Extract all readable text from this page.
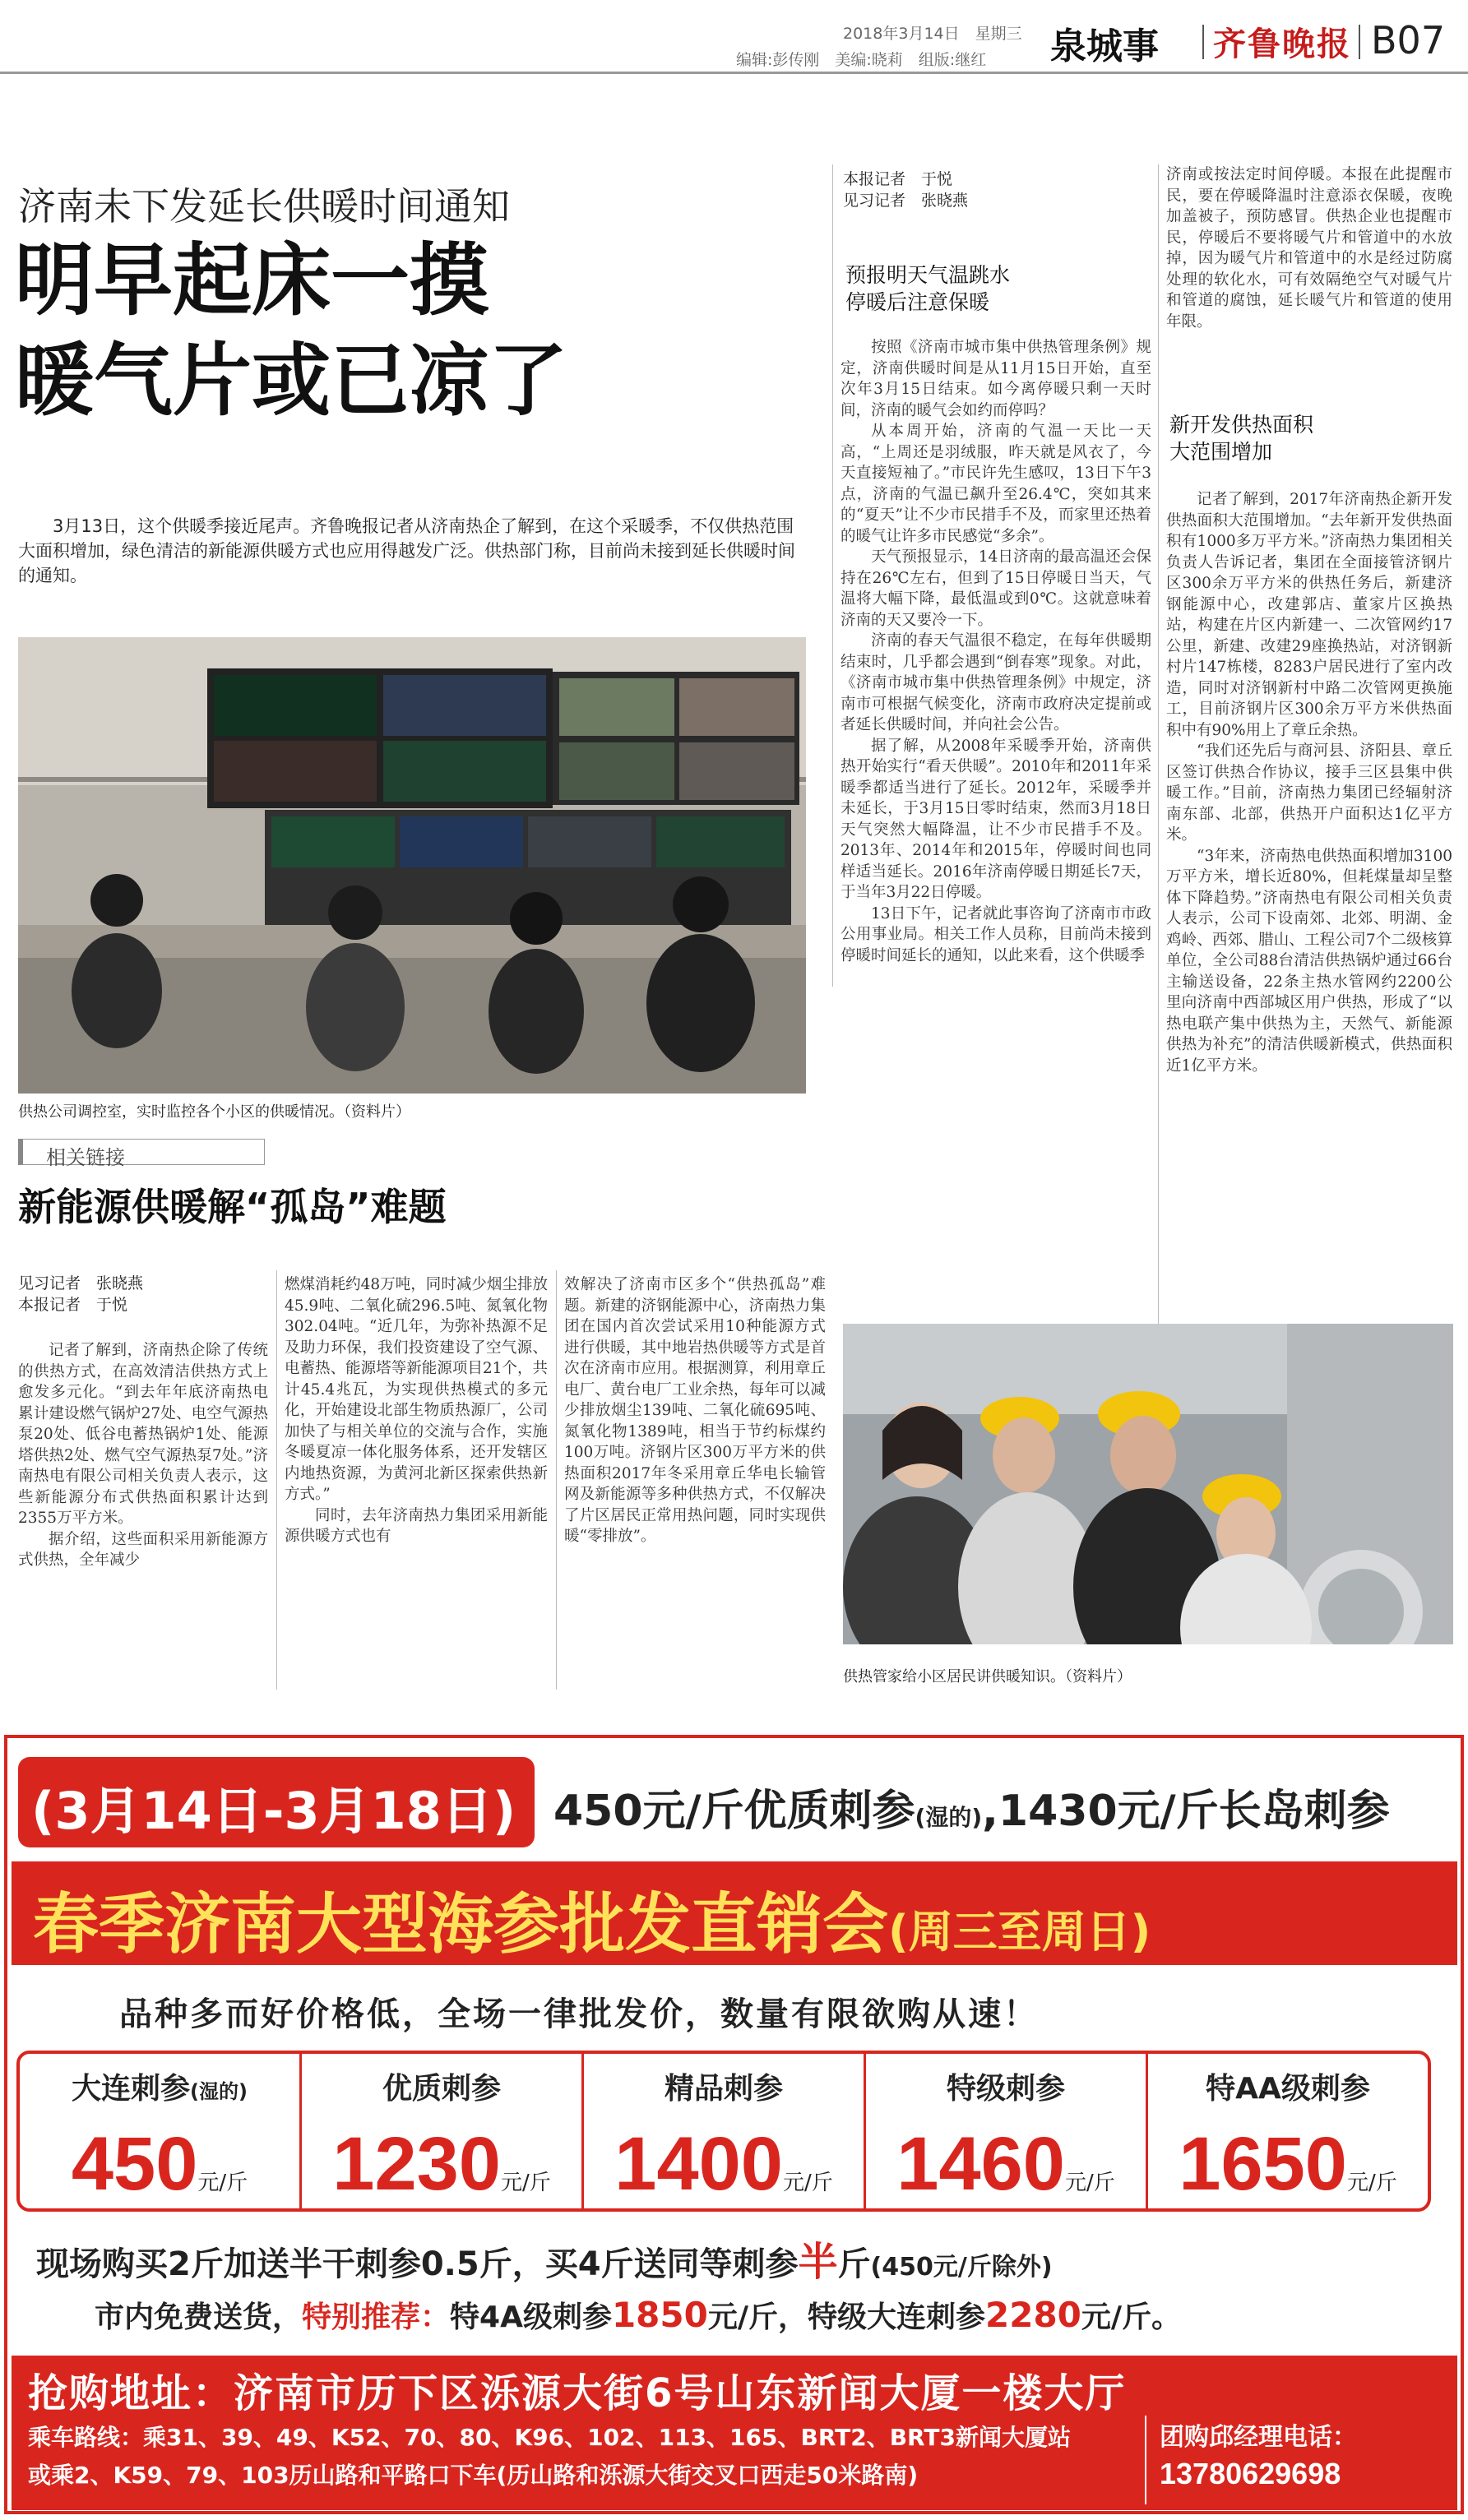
2018年3月14日　星期三
编辑:彭传刚　美编:晓莉　组版:继红 泉城事 齐鲁晚报 B07
济南未下发延长供暖时间通知
明早起床一摸
暖气片或已凉了
3月13日，这个供暖季接近尾声。齐鲁晚报记者从济南热企了解到，在这个采暖季，不仅供热范围大面积增加，绿色清洁的新能源供暖方式也应用得越发广泛。供热部门称，目前尚未接到延长供暖时间的通知。
供热公司调控室，实时监控各个小区的供暖情况。（资料片）
本报记者　于悦
见习记者　张晓燕
预报明天气温跳水
停暖后注意保暖

按照《济南市城市集中供热管理条例》规定，济南供暖时间是从11月15日开始，直至次年3月15日结束。如今离停暖只剩一天时间，济南的暖气会如约而停吗？

从本周开始，济南的气温一天比一天高，“上周还是羽绒服，昨天就是风衣了，今天直接短袖了。”市民许先生感叹，13日下午3点，济南的气温已飙升至26.4℃，突如其来的“夏天”让不少市民措手不及，而家里还热着的暖气让许多市民感觉“多余”。

天气预报显示，14日济南的最高温还会保持在26℃左右，但到了15日停暖日当天，气温将大幅下降，最低温或到0℃。这就意味着济南的天又要冷一下。

济南的春天气温很不稳定，在每年供暖期结束时，几乎都会遇到“倒春寒”现象。对此，《济南市城市集中供热管理条例》中规定，济南市可根据气候变化，济南市政府决定提前或者延长供暖时间，并向社会公告。

据了解，从2008年采暖季开始，济南供热开始实行“看天供暖”。2010年和2011年采暖季都适当进行了延长。2012年，采暖季并未延长，于3月15日零时结束，然而3月18日天气突然大幅降温，让不少市民措手不及。2013年、2014年和2015年，停暖时间也同样适当延长。2016年济南停暖日期延长7天，于当年3月22日停暖。

13日下午，记者就此事咨询了济南市市政公用事业局。相关工作人员称，目前尚未接到停暖时间延长的通知，以此来看，这个供暖季

济南或按法定时间停暖。本报在此提醒市民，要在停暖降温时注意添衣保暖，夜晚加盖被子，预防感冒。供热企业也提醒市民，停暖后不要将暖气片和管道中的水放掉，因为暖气片和管道中的水是经过防腐处理的软化水，可有效隔绝空气对暖气片和管道的腐蚀，延长暖气片和管道的使用年限。

新开发供热面积
大范围增加

记者了解到，2017年济南热企新开发供热面积大范围增加。“去年新开发供热面积有1000多万平方米。”济南热力集团相关负责人告诉记者，集团在全面接管济钢片区300余万平方米的供热任务后，新建济钢能源中心，改建郭店、董家片区换热站，构建在片区内新建一、二次管网约17公里，新建、改建29座换热站，对济钢新村片147栋楼，8283户居民进行了室内改造，同时对济钢新村中路二次管网更换施工，目前济钢片区300余万平方米供热面积中有90%用上了章丘余热。

“我们还先后与商河县、济阳县、章丘区签订供热合作协议，接手三区县集中供暖工作。”目前，济南热力集团已经辐射济南东部、北部，供热开户面积达1亿平方米。

“3年来，济南热电供热面积增加3100万平方米，增长近80%，但耗煤量却呈整体下降趋势。”济南热电有限公司相关负责人表示，公司下设南郊、北郊、明湖、金鸡岭、西郊、腊山、工程公司7个二级核算单位，全公司88台清洁供热锅炉通过66台主输送设备，22条主热水管网约2200公里向济南中西部城区用户供热，形成了“以热电联产集中供热为主，天然气、新能源供热为补充”的清洁供暖新模式，供热面积近1亿平方米。

供热管家给小区居民讲供暖知识。（资料片）
相关链接
新能源供暖解“孤岛”难题
见习记者　张晓燕
本报记者　于悦

记者了解到，济南热企除了传统的供热方式，在高效清洁供热方式上愈发多元化。“到去年年底济南热电累计建设燃气锅炉27处、电空气源热泵20处、低谷电蓄热锅炉1处、能源塔供热2处、燃气空气源热泵7处。”济南热电有限公司相关负责人表示，这些新能源分布式供热面积累计达到2355万平方米。

据介绍，这些面积采用新能源方式供热，全年减少

燃煤消耗约48万吨，同时减少烟尘排放45.9吨、二氧化硫296.5吨、氮氧化物302.04吨。“近几年，为弥补热源不足及助力环保，我们投资建设了空气源、电蓄热、能源塔等新能源项目21个，共计45.4兆瓦，为实现供热模式的多元化，开始建设北部生物质热源厂，公司加快了与相关单位的交流与合作，实施冬暖夏凉一体化服务体系，还开发辖区内地热资源，为黄河北新区探索供热新方式。”

同时，去年济南热力集团采用新能源供暖方式也有

效解决了济南市区多个“供热孤岛”难题。新建的济钢能源中心，济南热力集团在国内首次尝试采用10种能源方式进行供暖，其中地岩热供暖等方式是首次在济南市应用。根据测算，利用章丘电厂、黄台电厂工业余热，每年可以减少排放烟尘139吨、二氧化硫695吨、氮氧化物1389吨，相当于节约标煤约100万吨。济钢片区300万平方米的供热面积2017年冬采用章丘华电长输管网及新能源等多种供热方式，不仅解决了片区居民正常用热问题，同时实现供暖“零排放”。

(3月14日-3月18日) 450元/斤优质刺参(湿的),1430元/斤长岛刺参
春季济南大型海参批发直销会(周三至周日)
品种多而好价格低，全场一律批发价，数量有限欲购从速！
大连刺参(湿的)
450元/斤
优质刺参
1230元/斤
精品刺参
1400元/斤
特级刺参
1460元/斤
特AA级刺参
1650元/斤
现场购买2斤加送半干刺参0.5斤，买4斤送同等刺参半斤(450元/斤除外)
市内免费送货，特别推荐：特4A级刺参1850元/斤，特级大连刺参2280元/斤。
抢购地址：济南市历下区泺源大街6号山东新闻大厦一楼大厅
乘车路线：乘31、39、49、K52、70、80、K96、102、113、165、BRT2、BRT3新闻大厦站
或乘2、K59、79、103历山路和平路口下车(历山路和泺源大街交叉口西走50米路南)
团购邱经理电话：
13780629698
